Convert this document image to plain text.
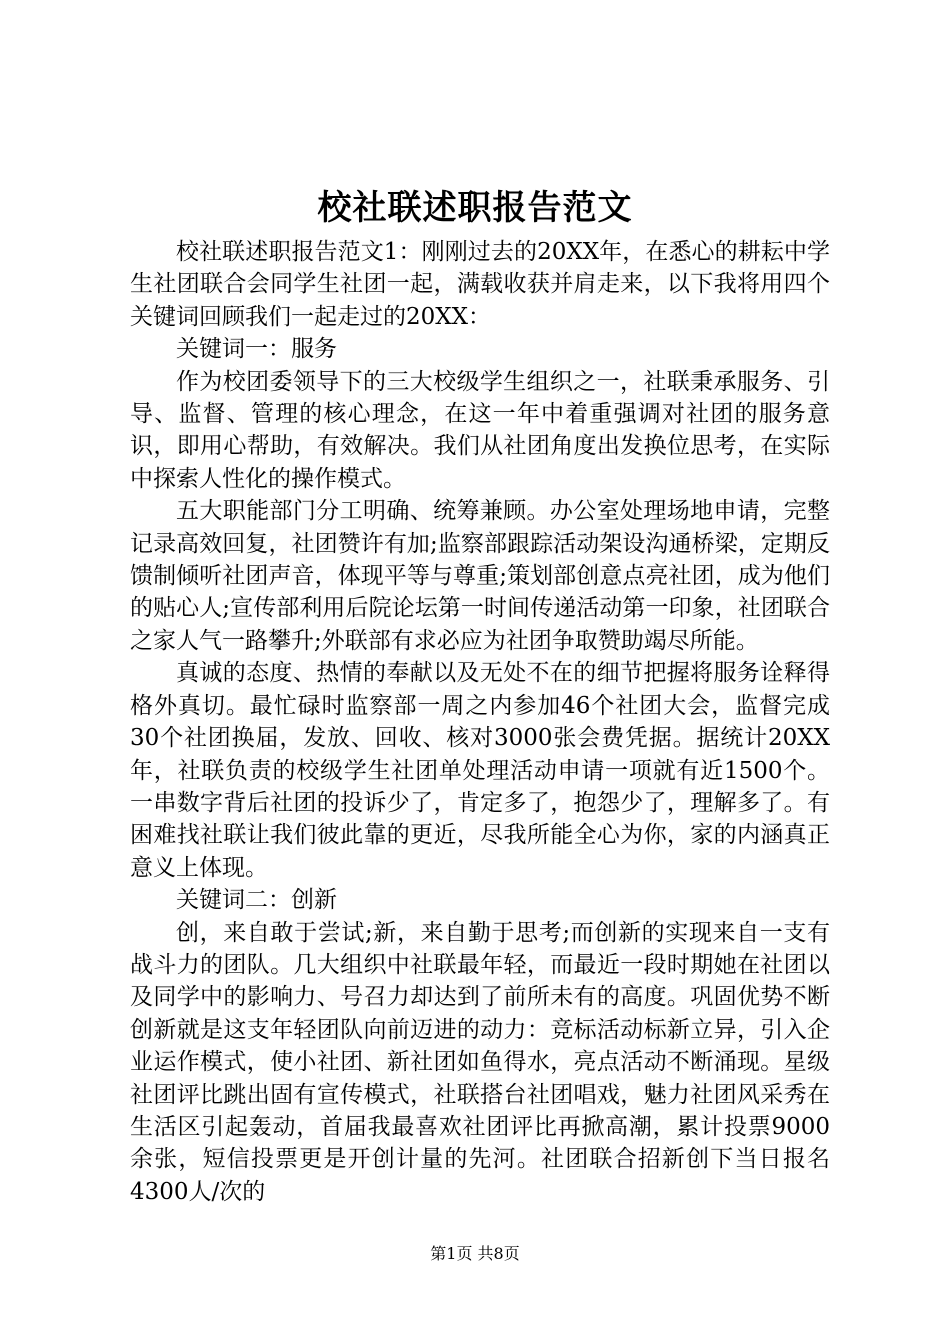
校社联述职报告范文

校社联述职报告范文1：刚刚过去的20XX年，在悉心的耕耘中学生社团联合会同学生社团一起，满载收获并肩走来，以下我将用四个关键词回顾我们一起走过的20XX：

关键词一：服务

作为校团委领导下的三大校级学生组织之一，社联秉承服务、引导、监督、管理的核心理念，在这一年中着重强调对社团的服务意识，即用心帮助，有效解决。我们从社团角度出发换位思考，在实际中探索人性化的操作模式。

五大职能部门分工明确、统筹兼顾。办公室处理场地申请，完整记录高效回复，社团赞许有加;监察部跟踪活动架设沟通桥梁，定期反馈制倾听社团声音，体现平等与尊重;策划部创意点亮社团，成为他们的贴心人;宣传部利用后院论坛第一时间传递活动第一印象，社团联合之家人气一路攀升;外联部有求必应为社团争取赞助竭尽所能。

真诚的态度、热情的奉献以及无处不在的细节把握将服务诠释得格外真切。最忙碌时监察部一周之内参加46个社团大会，监督完成30个社团换届，发放、回收、核对3000张会费凭据。据统计20XX年，社联负责的校级学生社团单处理活动申请一项就有近1500个。一串数字背后社团的投诉少了，肯定多了，抱怨少了，理解多了。有困难找社联让我们彼此靠的更近，尽我所能全心为你，家的内涵真正意义上体现。

关键词二：创新

创，来自敢于尝试;新，来自勤于思考;而创新的实现来自一支有战斗力的团队。几大组织中社联最年轻，而最近一段时期她在社团以及同学中的影响力、号召力却达到了前所未有的高度。巩固优势不断创新就是这支年轻团队向前迈进的动力：竞标活动标新立异，引入企业运作模式，使小社团、新社团如鱼得水，亮点活动不断涌现。星级社团评比跳出固有宣传模式，社联搭台社团唱戏，魅力社团风采秀在生活区引起轰动，首届我最喜欢社团评比再掀高潮，累计投票9000余张，短信投票更是开创计量的先河。社团联合招新创下当日报名4300人/次的

第1页 共8页
